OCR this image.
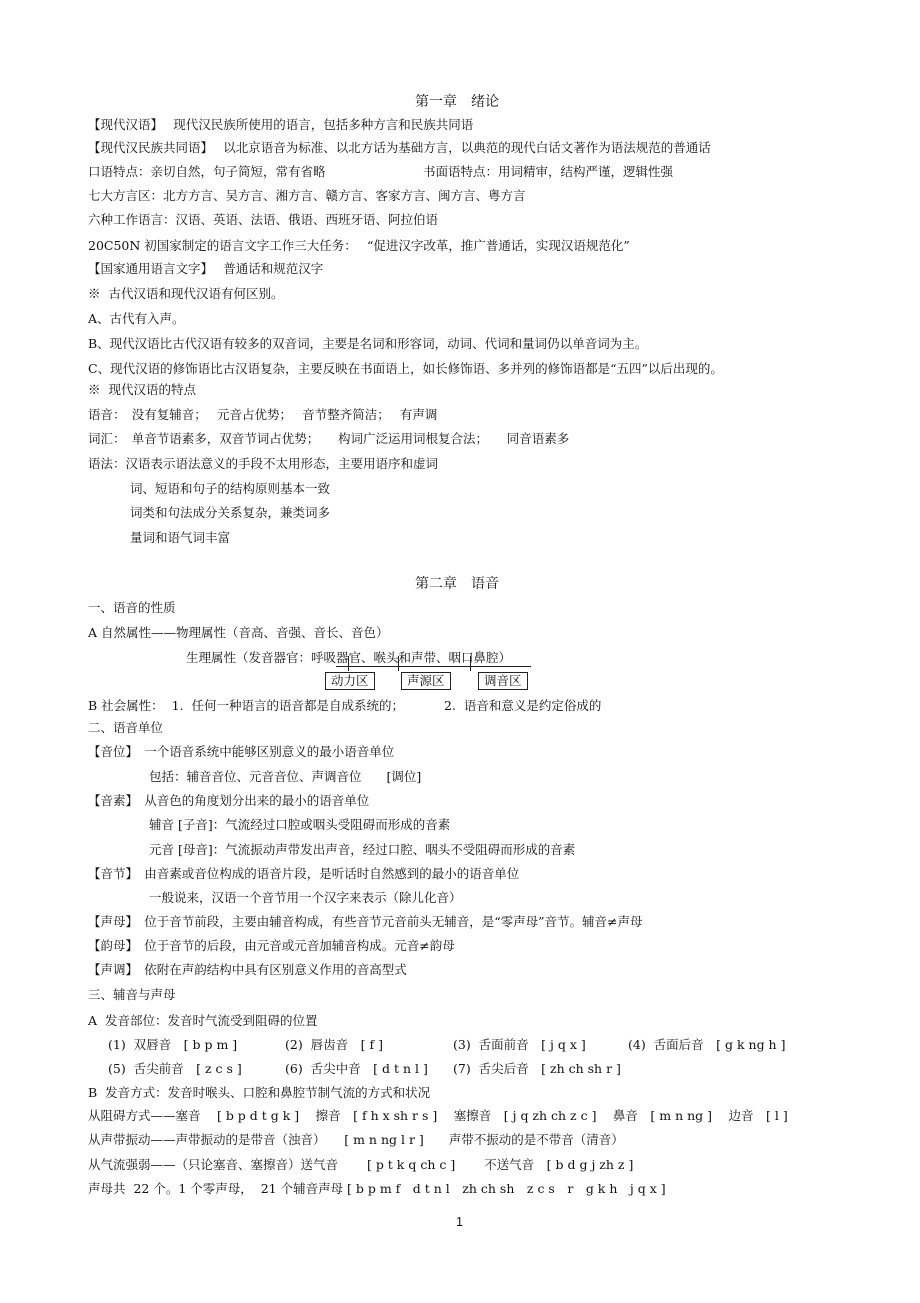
第一章　绪论
【现代汉语】　 现代汉民族所使用的语言，包括多种方言和民族共同语
【现代汉民族共同语】　 以北京语音为标准、以北方话为基础方言，以典范的现代白话文著作为语法规范的普通话
口语特点：亲切自然，句子简短，常有省略	书面语特点：用词精审，结构严谨，逻辑性强
七大方言区：北方方言、吴方言、湘方言、赣方言、客家方言、闽方言、粤方言
六种工作语言：汉语、英语、法语、俄语、西班牙语、阿拉伯语
20C50N 初国家制定的语言文字工作三大任务：　 “促进汉字改革，推广普通话，实现汉语规范化”
【国家通用语言文字】　 普通话和规范汉字
※  古代汉语和现代汉语有何区别。
A、古代有入声。
B、现代汉语比古代汉语有较多的双音词，主要是名词和形容词，动词、代词和量词仍以单音词为主。
C、现代汉语的修饰语比古汉语复杂，主要反映在书面语上，如长修饰语、多并列的修饰语都是“五四”以后出现的。
※  现代汉语的特点
语音：　没有复辅音；　 元音占优势；　 音节整齐简洁；　 有声调
词汇：　单音节语素多，双音节词占优势；　　构词广泛运用词根复合法；　　同音语素多
语法：汉语表示语法意义的手段不太用形态，主要用语序和虚词
词、短语和句子的结构原则基本一致
词类和句法成分关系复杂，兼类词多
量词和语气词丰富
第二章　语音
一、语音的性质
A 自然属性——物理属性（音高、音强、音长、音色）
生理属性（发音器官：呼吸器官、喉头和声带、咽口鼻腔）
动力区	声源区	调音区
B 社会属性：  1.  任何一种语言的语音都是自成系统的；	2.  语音和意义是约定俗成的
二、语音单位
【音位】　一个语音系统中能够区别意义的最小语音单位
包括：辅音音位、元音音位、声调音位　　[调位]
【音素】　从音色的角度划分出来的最小的语音单位
辅音 [子音]：气流经过口腔或咽头受阻碍而形成的音素
元音 [母音]：气流振动声带发出声音，经过口腔、咽头不受阻碍而形成的音素
【音节】　由音素或音位构成的语音片段，是听话时自然感到的最小的语音单位
一般说来，汉语一个音节用一个汉字来表示（除儿化音）
【声母】　位于音节前段，主要由辅音构成，有些音节元音前头无辅音，是“零声母”音节。辅音≠声母
【韵母】　位于音节的后段，由元音或元音加辅音构成。元音≠韵母
【声调】　依附在声韵结构中具有区别意义作用的音高型式
三、辅音与声母
A  发音部位：发音时气流受到阻碍的位置
(1)  双唇音　[ b p m ]	(2)  唇齿音　[ f ]	(3)  舌面前音　[ j q x ]	(4)  舌面后音　[ g k ng h ]
(5)  舌尖前音　[ z c s ]	(6)  舌尖中音　[ d t n l ] (7)  舌尖后音　[ zh ch sh r ]
B  发音方式：发音时喉头、口腔和鼻腔节制气流的方式和状况
从阻碍方式——塞音　 [ b p d t g k ]　 擦音　[ f h x sh r s ]　 塞擦音　[ j q zh ch z c ]　 鼻音　[ m n ng ]　 边音　[ l ]
从声带振动——声带振动的是带音（浊音）　　[ m n ng l r ]　　声带不振动的是不带音（清音）
从气流强弱——（只论塞音、塞擦音）送气音　　 [ p t k q ch c ]　　 不送气音　[ b d g j zh z ]
声母共  22 个。1 个零声母，  21 个辅音声母 [ b p m f　d t n l　zh ch sh　z c s　r　g k h　j q x ]
1
